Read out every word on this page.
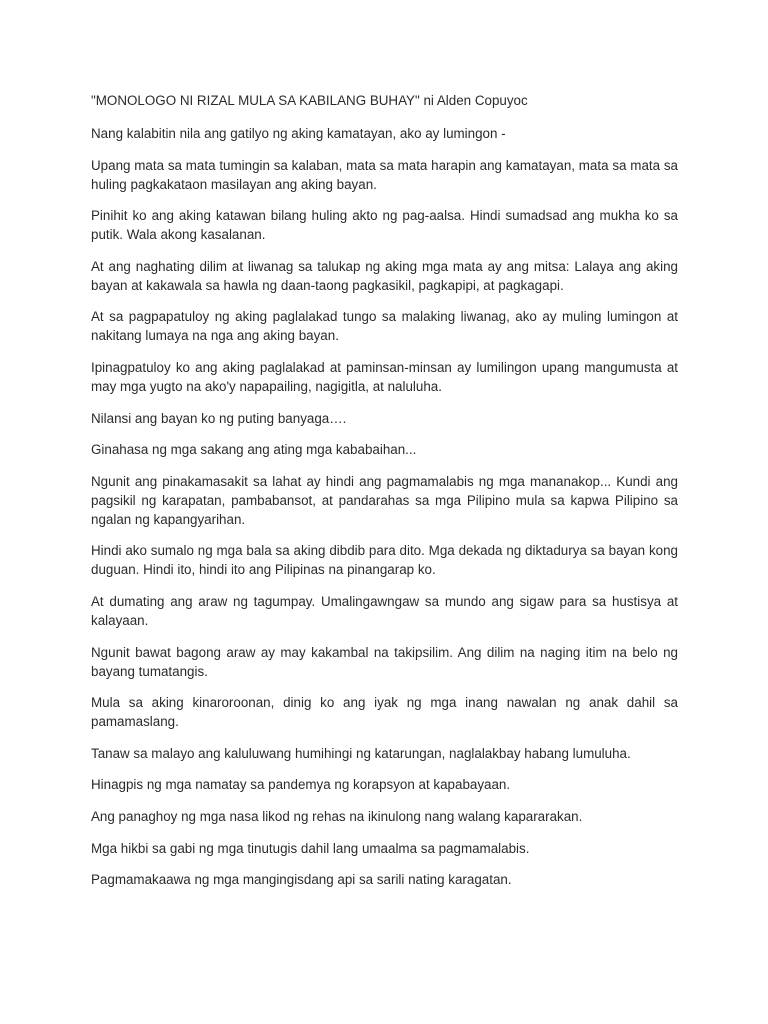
"MONOLOGO NI RIZAL MULA SA KABILANG BUHAY" ni Alden Copuyoc

Nang kalabitin nila ang gatilyo ng aking kamatayan, ako ay lumingon -

Upang mata sa mata tumingin sa kalaban, mata sa mata harapin ang kamatayan, mata sa mata sa huling pagkakataon masilayan ang aking bayan.

Pinihit ko ang aking katawan bilang huling akto ng pag-aalsa. Hindi sumadsad ang mukha ko sa putik. Wala akong kasalanan.

At ang naghating dilim at liwanag sa talukap ng aking mga mata ay ang mitsa: Lalaya ang aking bayan at kakawala sa hawla ng daan-taong pagkasikil, pagkapipi, at pagkagapi.

At sa pagpapatuloy ng aking paglalakad tungo sa malaking liwanag, ako ay muling lumingon at nakitang lumaya na nga ang aking bayan.

Ipinagpatuloy ko ang aking paglalakad at paminsan-minsan ay lumilingon upang mangumusta at may mga yugto na ako'y napapailing, nagigitla, at naluluha.

Nilansi ang bayan ko ng puting banyaga….

Ginahasa ng mga sakang ang ating mga kababaihan...

Ngunit ang pinakamasakit sa lahat ay hindi ang pagmamalabis ng mga mananakop... Kundi ang pagsikil ng karapatan, pambabansot, at pandarahas sa mga Pilipino mula sa kapwa Pilipino sa ngalan ng kapangyarihan.

Hindi ako sumalo ng mga bala sa aking dibdib para dito. Mga dekada ng diktadurya sa bayan kong duguan. Hindi ito, hindi ito ang Pilipinas na pinangarap ko.

At dumating ang araw ng tagumpay. Umalingawngaw sa mundo ang sigaw para sa hustisya at kalayaan.

Ngunit bawat bagong araw ay may kakambal na takipsilim. Ang dilim na naging itim na belo ng bayang tumatangis.

Mula sa aking kinaroroonan, dinig ko ang iyak ng mga inang nawalan ng anak dahil sa pamamaslang.

Tanaw sa malayo ang kaluluwang humihingi ng katarungan, naglalakbay habang lumuluha.

Hinagpis ng mga namatay sa pandemya ng korapsyon at kapabayaan.

Ang panaghoy ng mga nasa likod ng rehas na ikinulong nang walang kapararakan.

Mga hikbi sa gabi ng mga tinutugis dahil lang umaalma sa pagmamalabis.

Pagmamakaawa ng mga mangingisdang api sa sarili nating karagatan.
